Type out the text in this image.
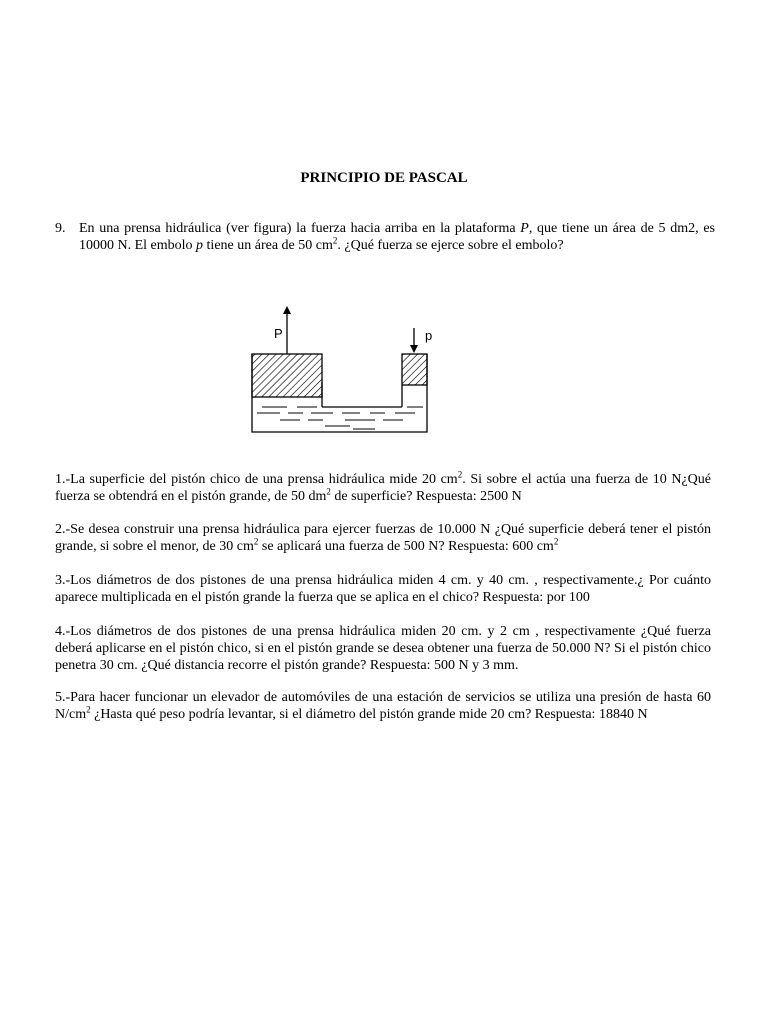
PRINCIPIO DE PASCAL
9. En una prensa hidráulica (ver figura) la fuerza hacia arriba en la plataforma P, que tiene un área de 5 dm2, es 10000 N. El embolo p tiene un área de 50 $cm^2$. ¿Qué fuerza se ejerce sobre el embolo?
P	p
1.-La superficie del pistón chico de una prensa hidráulica mide 20 $cm^2$. Si sobre el actúa una fuerza de 10 N¿Qué fuerza se obtendrá en el pistón grande, de 50 $dm^2$ de superficie? Respuesta: 2500 N
2.-Se desea construir una prensa hidráulica para ejercer fuerzas de 10.000 N ¿Qué superficie deberá tener el pistón grande, si sobre el menor, de 30 $cm^2$ se aplicará una fuerza de 500 N? Respuesta: 600 $cm^2$
3.-Los diámetros de dos pistones de una prensa hidráulica miden 4 cm. y 40 cm. , respectivamente.¿ Por cuánto aparece multiplicada en el pistón grande la fuerza que se aplica en el chico? Respuesta: por 100
4.-Los diámetros de dos pistones de una prensa hidráulica miden 20 cm. y 2 cm , respectivamente ¿Qué fuerza deberá aplicarse en el pistón chico, si en el pistón grande se desea obtener una fuerza de 50.000 N? Si el pistón chico penetra 30 cm. ¿Qué distancia recorre el pistón grande? Respuesta: 500 N y 3 mm.
5.-Para hacer funcionar un elevador de automóviles de una estación de servicios se utiliza una presión de hasta 60 $N/cm^2$ ¿Hasta qué peso podría levantar, si el diámetro del pistón grande mide 20 cm? Respuesta: 18840 N
